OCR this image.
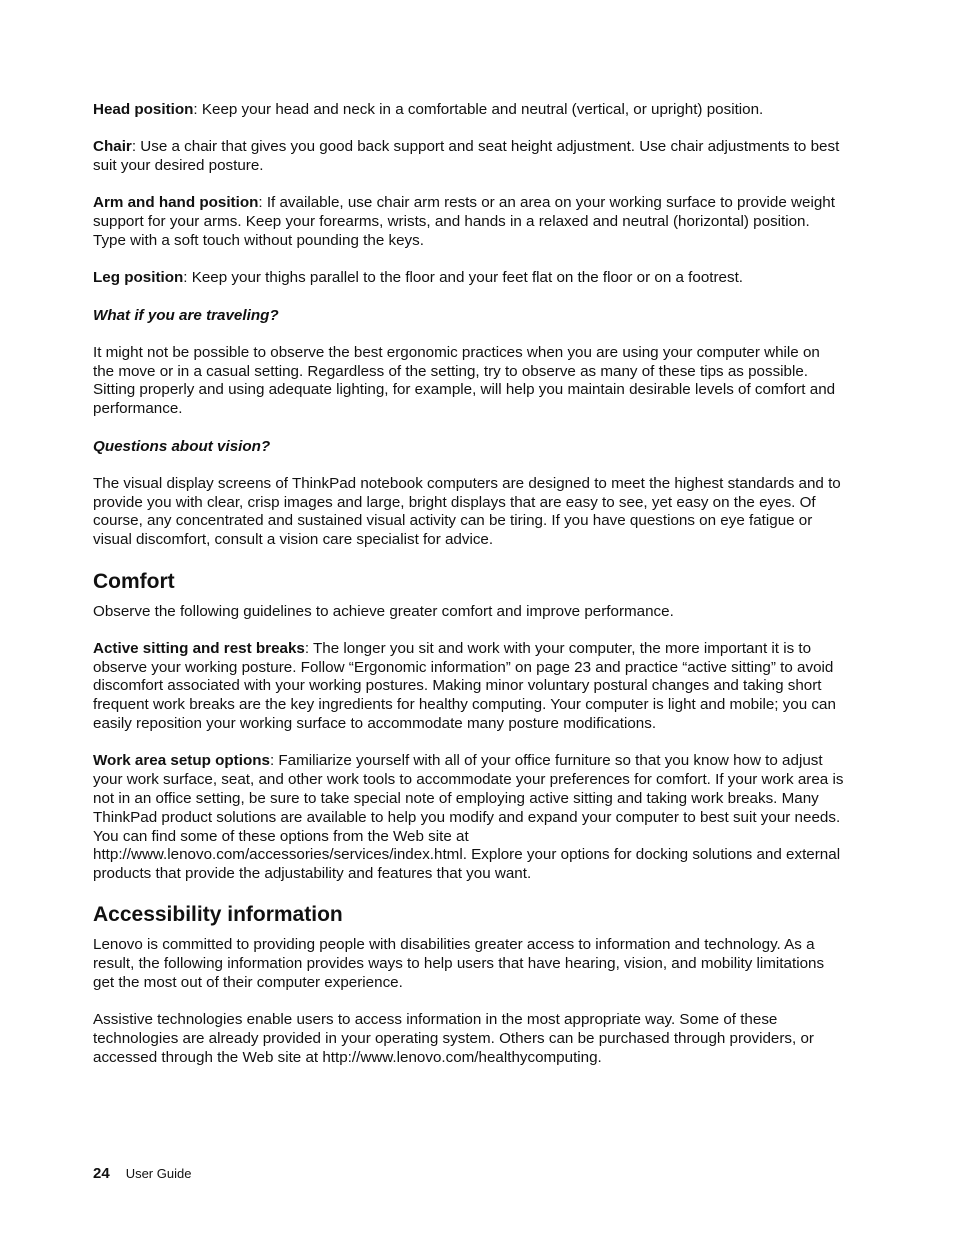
Head position: Keep your head and neck in a comfortable and neutral (vertical, or upright) position.

Chair: Use a chair that gives you good back support and seat height adjustment. Use chair adjustments to best suit your desired posture.

Arm and hand position: If available, use chair arm rests or an area on your working surface to provide weight support for your arms. Keep your forearms, wrists, and hands in a relaxed and neutral (horizontal) position. Type with a soft touch without pounding the keys.

Leg position: Keep your thighs parallel to the floor and your feet flat on the floor or on a footrest.

What if you are traveling?

It might not be possible to observe the best ergonomic practices when you are using your computer while on the move or in a casual setting. Regardless of the setting, try to observe as many of these tips as possible. Sitting properly and using adequate lighting, for example, will help you maintain desirable levels of comfort and performance.

Questions about vision?

The visual display screens of ThinkPad notebook computers are designed to meet the highest standards and to provide you with clear, crisp images and large, bright displays that are easy to see, yet easy on the eyes. Of course, any concentrated and sustained visual activity can be tiring. If you have questions on eye fatigue or visual discomfort, consult a vision care specialist for advice.

Comfort

Observe the following guidelines to achieve greater comfort and improve performance.

Active sitting and rest breaks: The longer you sit and work with your computer, the more important it is to observe your working posture. Follow “Ergonomic information” on page 23 and practice “active sitting” to avoid discomfort associated with your working postures. Making minor voluntary postural changes and taking short frequent work breaks are the key ingredients for healthy computing. Your computer is light and mobile; you can easily reposition your working surface to accommodate many posture modifications.

Work area setup options: Familiarize yourself with all of your office furniture so that you know how to adjust your work surface, seat, and other work tools to accommodate your preferences for comfort. If your work area is not in an office setting, be sure to take special note of employing active sitting and taking work breaks. Many ThinkPad product solutions are available to help you modify and expand your computer to best suit your needs. You can find some of these options from the Web site at http://www.lenovo.com/accessories/services/index.html. Explore your options for docking solutions and external products that provide the adjustability and features that you want.

Accessibility information

Lenovo is committed to providing people with disabilities greater access to information and technology. As a result, the following information provides ways to help users that have hearing, vision, and mobility limitations get the most out of their computer experience.

Assistive technologies enable users to access information in the most appropriate way. Some of these technologies are already provided in your operating system. Others can be purchased through providers, or accessed through the Web site at http://www.lenovo.com/healthycomputing.

24 User Guide
